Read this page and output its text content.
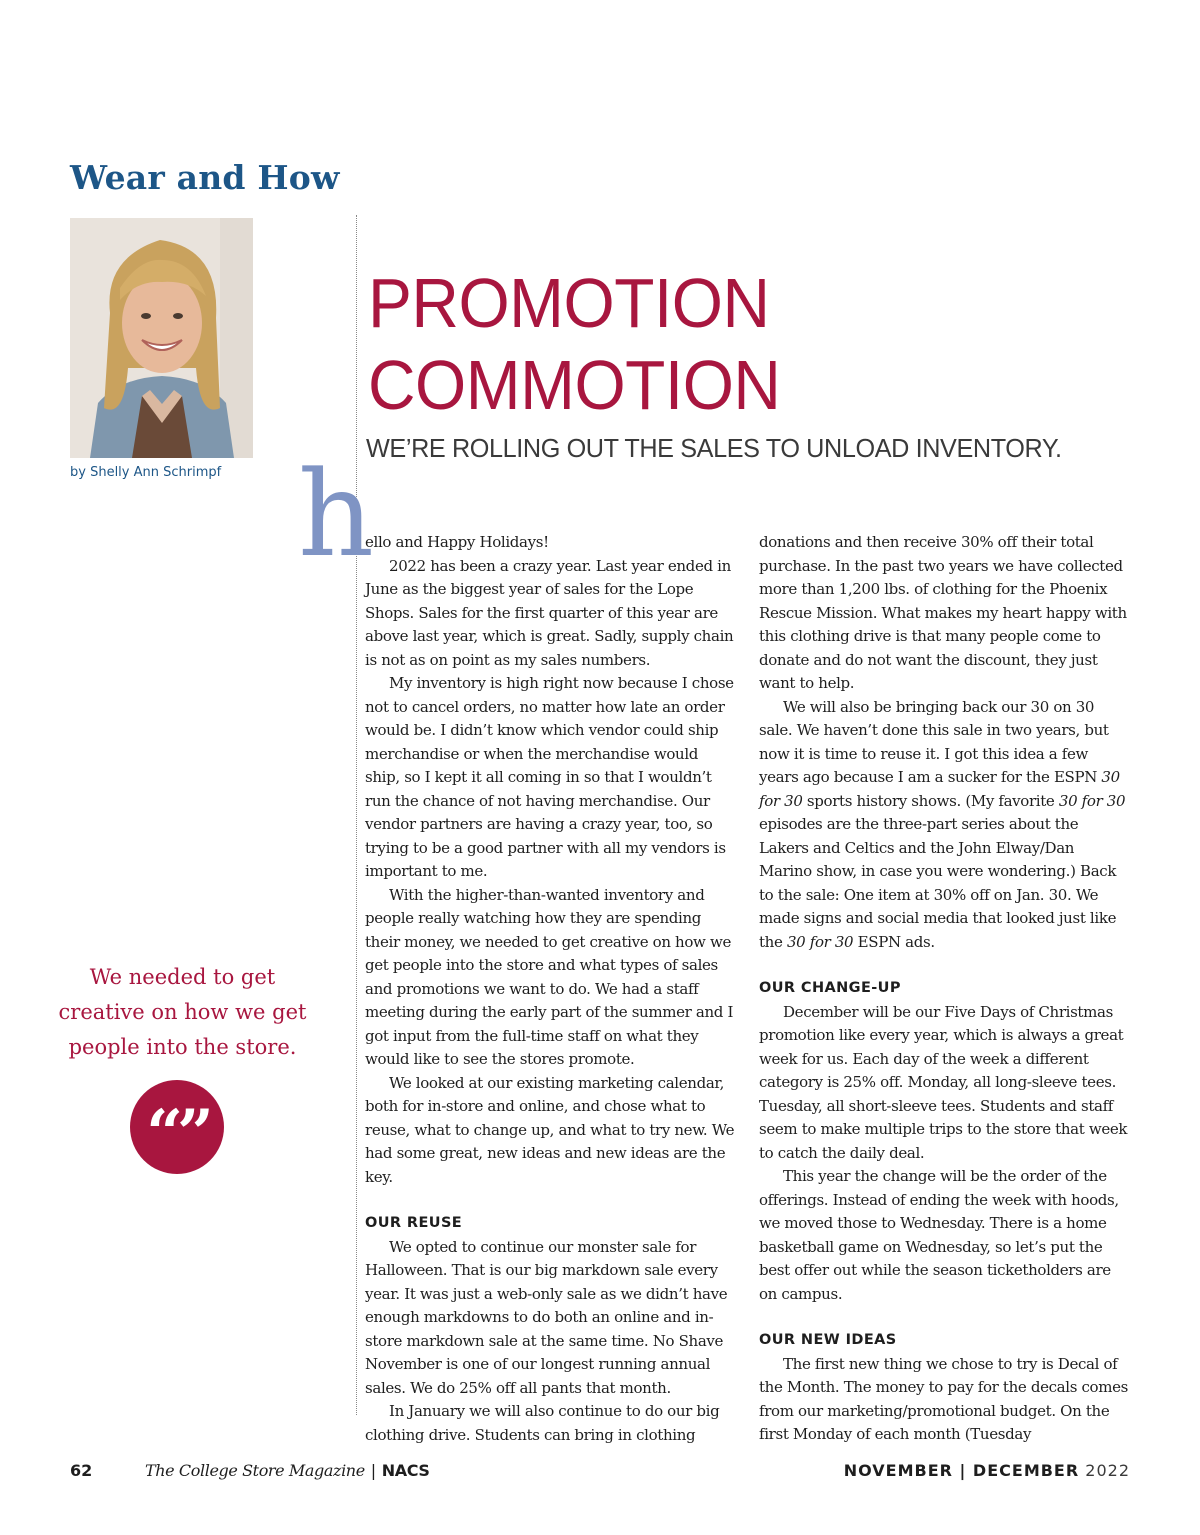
Wear and How
by Shelly Ann Schrimpf
PROMOTION
COMMOTION
WE’RE ROLLING OUT THE SALES TO UNLOAD INVENTORY.
h

ello and Happy Holidays!

2022 has been a crazy year. Last year ended in June as the biggest year of sales for the Lope Shops. Sales for the first quarter of this year are above last year, which is great. Sadly, supply chain is not as on point as my sales numbers.

My inventory is high right now because I chose not to cancel orders, no matter how late an order would be. I didn’t know which vendor could ship merchandise or when the merchandise would ship, so I kept it all coming in so that I wouldn’t run the chance of not having merchandise. Our vendor partners are having a crazy year, too, so trying to be a good partner with all my vendors is important to me.

With the higher-than-wanted inventory and people really watching how they are spending their money, we needed to get creative on how we get people into the store and what types of sales and promotions we want to do. We had a staff meeting during the early part of the summer and I got input from the full-time staff on what they would like to see the stores promote.

We looked at our existing marketing calendar, both for in-store and online, and chose what to reuse, what to change up, and what to try new. We had some great, new ideas and new ideas are the key.

OUR REUSE

We opted to continue our monster sale for Halloween. That is our big markdown sale every year. It was just a web-only sale as we didn’t have enough markdowns to do both an online and in-store markdown sale at the same time. No Shave November is one of our longest running annual sales. We do 25% off all pants that month.

In January we will also continue to do our big clothing drive. Students can bring in clothing

donations and then receive 30% off their total purchase. In the past two years we have collected more than 1,200 lbs. of clothing for the Phoenix Rescue Mission. What makes my heart happy with this clothing drive is that many people come to donate and do not want the discount, they just want to help.

We will also be bringing back our 30 on 30 sale. We haven’t done this sale in two years, but now it is time to reuse it. I got this idea a few years ago because I am a sucker for the ESPN 30 for 30 sports history shows. (My favorite 30 for 30 episodes are the three-part series about the Lakers and Celtics and the John Elway/Dan Marino show, in case you were wondering.) Back to the sale: One item at 30% off on Jan. 30. We made signs and social media that looked just like the 30 for 30 ESPN ads.

OUR CHANGE-UP

December will be our Five Days of Christmas promotion like every year, which is always a great week for us. Each day of the week a different category is 25% off. Monday, all long-sleeve tees. Tuesday, all short-sleeve tees. Students and staff seem to make multiple trips to the store that week to catch the daily deal.

This year the change will be the order of the offerings. Instead of ending the week with hoods, we moved those to Wednesday. There is a home basketball game on Wednesday, so let’s put the best offer out while the season ticketholders are on campus.

OUR NEW IDEAS

The first new thing we chose to try is Decal of the Month. The money to pay for the decals comes from our marketing/promotional budget. On the first Monday of each month (Tuesday

We needed to get creative on how we get people into the store.
“”
62	The College Store Magazine | NACS	NOVEMBER | DECEMBER 2022
